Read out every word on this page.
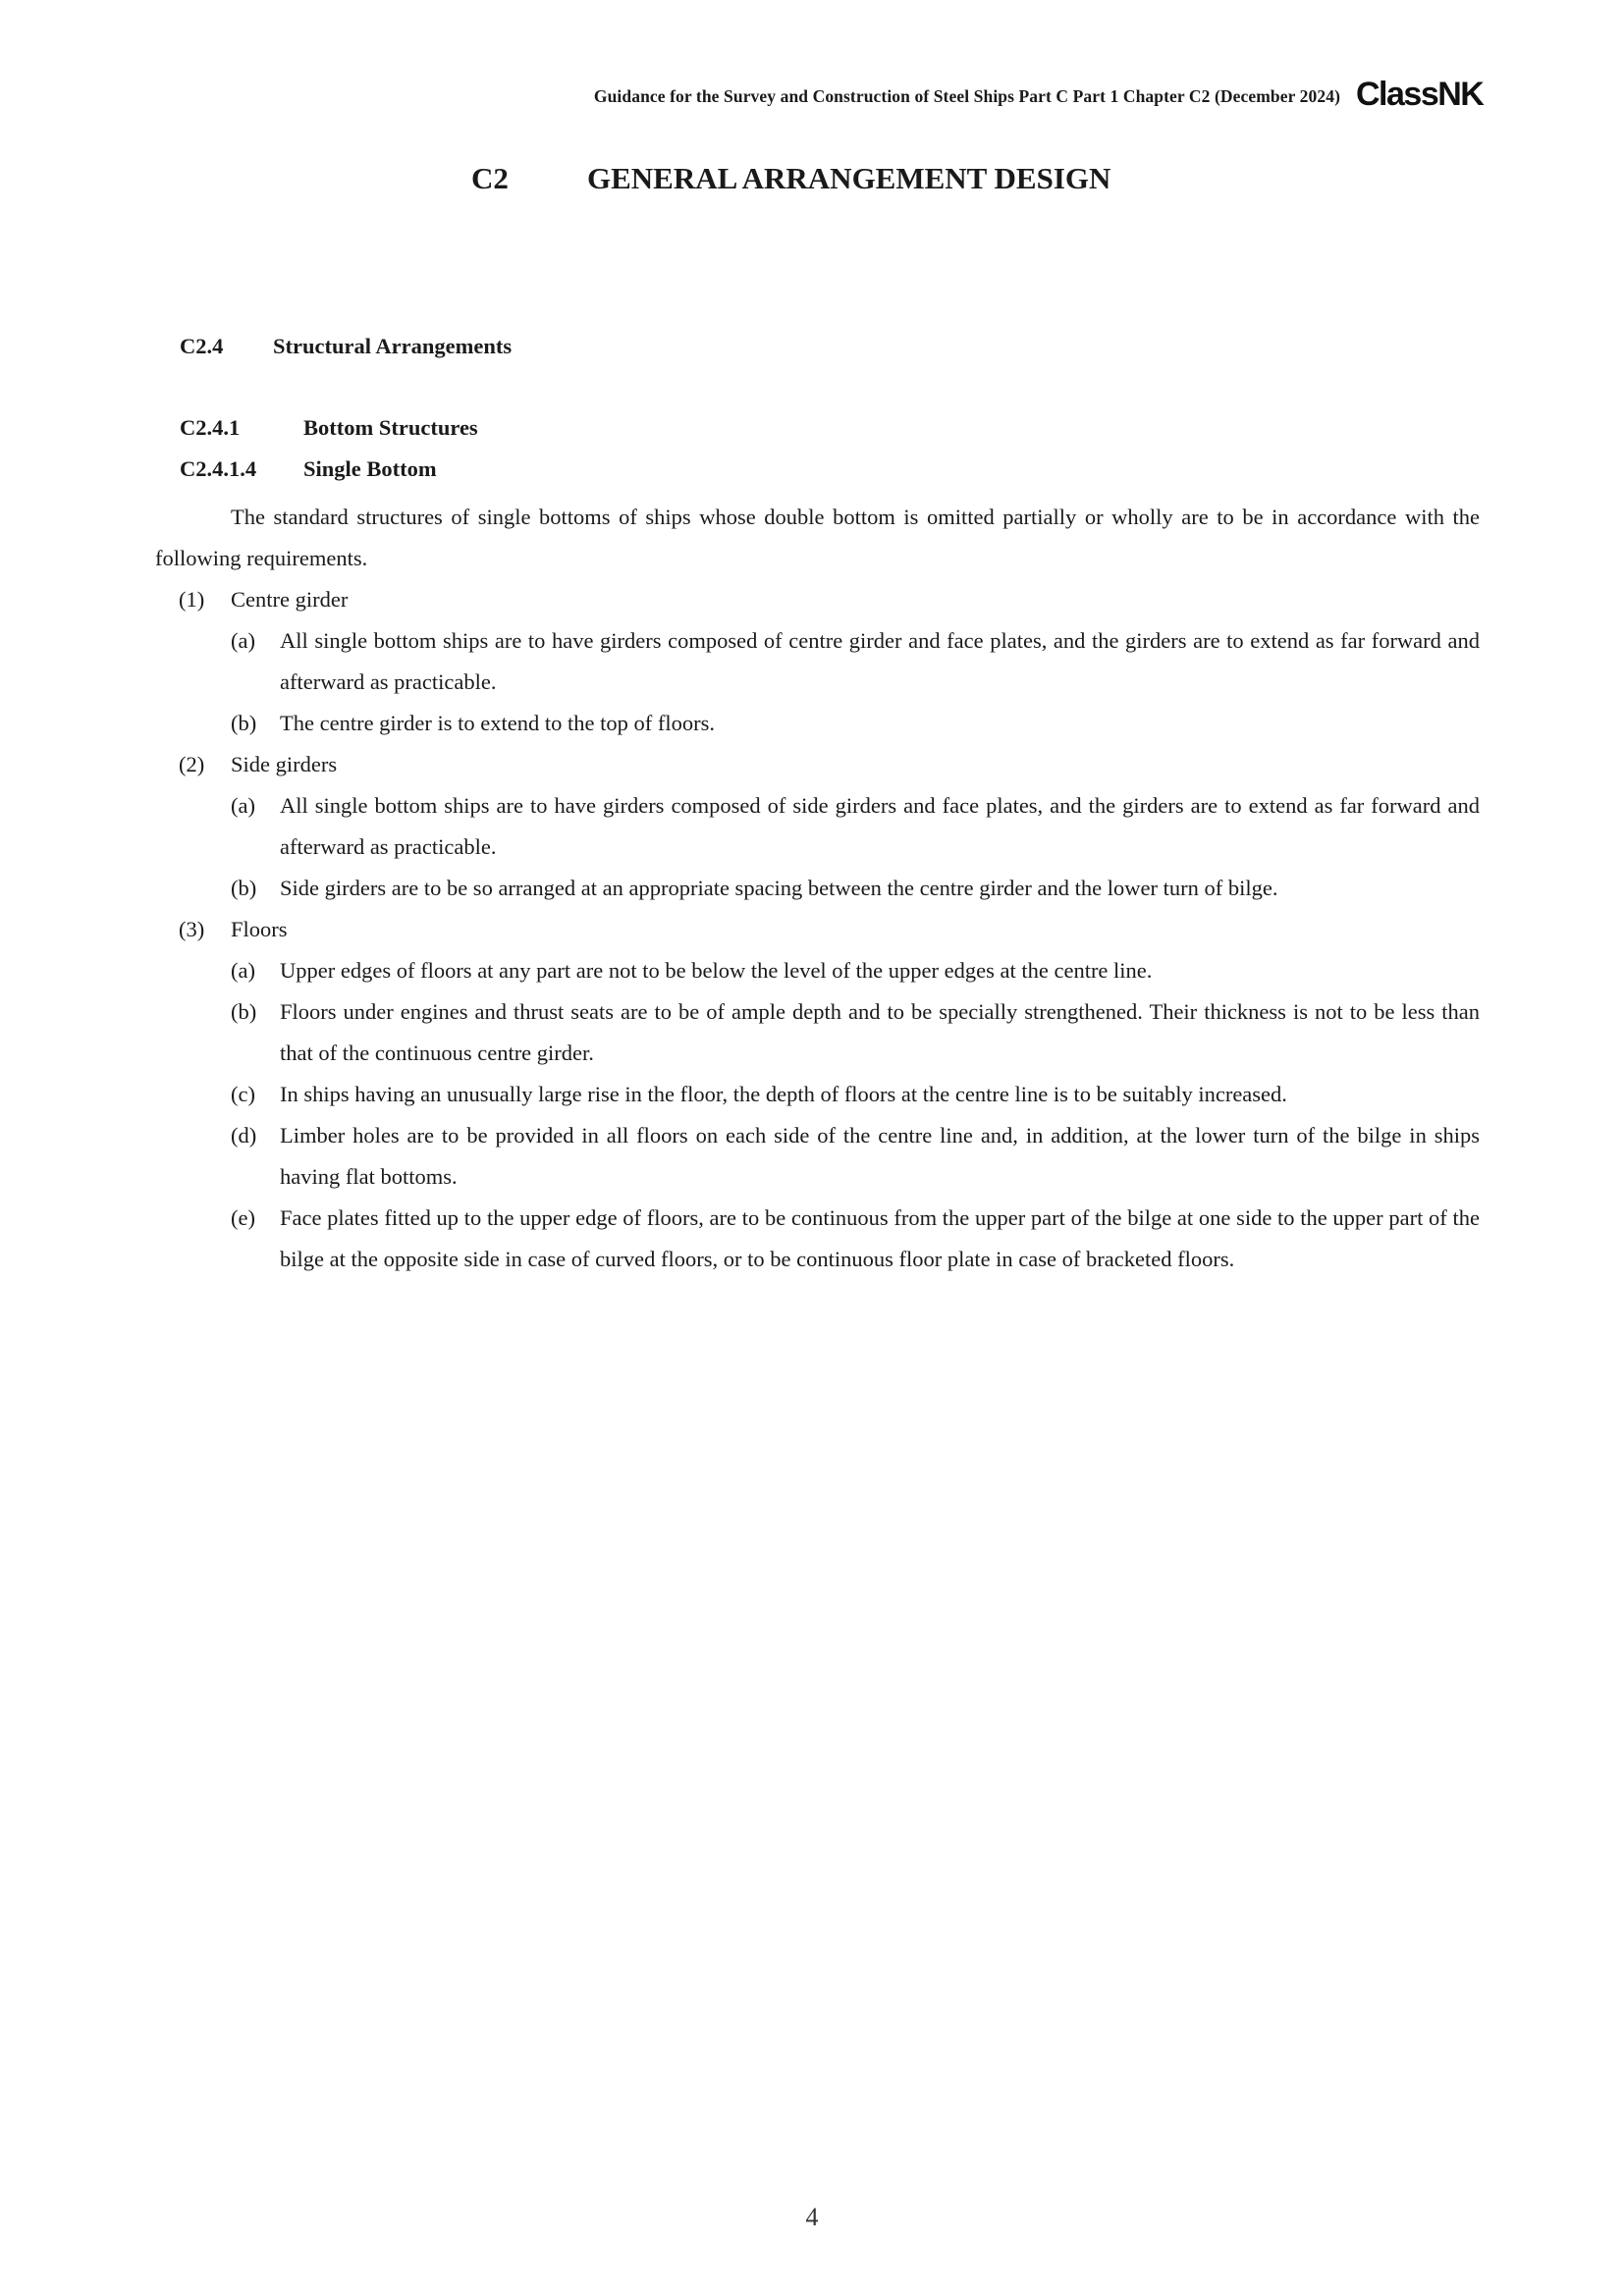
Guidance for the Survey and Construction of Steel Ships Part C Part 1 Chapter C2 (December 2024) ClassNK
C2	GENERAL ARRANGEMENT DESIGN
C2.4 Structural Arrangements
C2.4.1	Bottom Structures
C2.4.1.4 Single Bottom

The standard structures of single bottoms of ships whose double bottom is omitted partially or wholly are to be in accordance with the following requirements.

(1) Centre girder

(a) All single bottom ships are to have girders composed of centre girder and face plates, and the girders are to extend as far forward and afterward as practicable.

(b) The centre girder is to extend to the top of floors.

(2) Side girders

(a) All single bottom ships are to have girders composed of side girders and face plates, and the girders are to extend as far forward and afterward as practicable.

(b) Side girders are to be so arranged at an appropriate spacing between the centre girder and the lower turn of bilge.

(3) Floors

(a) Upper edges of floors at any part are not to be below the level of the upper edges at the centre line.

(b) Floors under engines and thrust seats are to be of ample depth and to be specially strengthened. Their thickness is not to be less than that of the continuous centre girder.

(c) In ships having an unusually large rise in the floor, the depth of floors at the centre line is to be suitably increased.

(d) Limber holes are to be provided in all floors on each side of the centre line and, in addition, at the lower turn of the bilge in ships having flat bottoms.

(e) Face plates fitted up to the upper edge of floors, are to be continuous from the upper part of the bilge at one side to the upper part of the bilge at the opposite side in case of curved floors, or to be continuous floor plate in case of bracketed floors.

4
